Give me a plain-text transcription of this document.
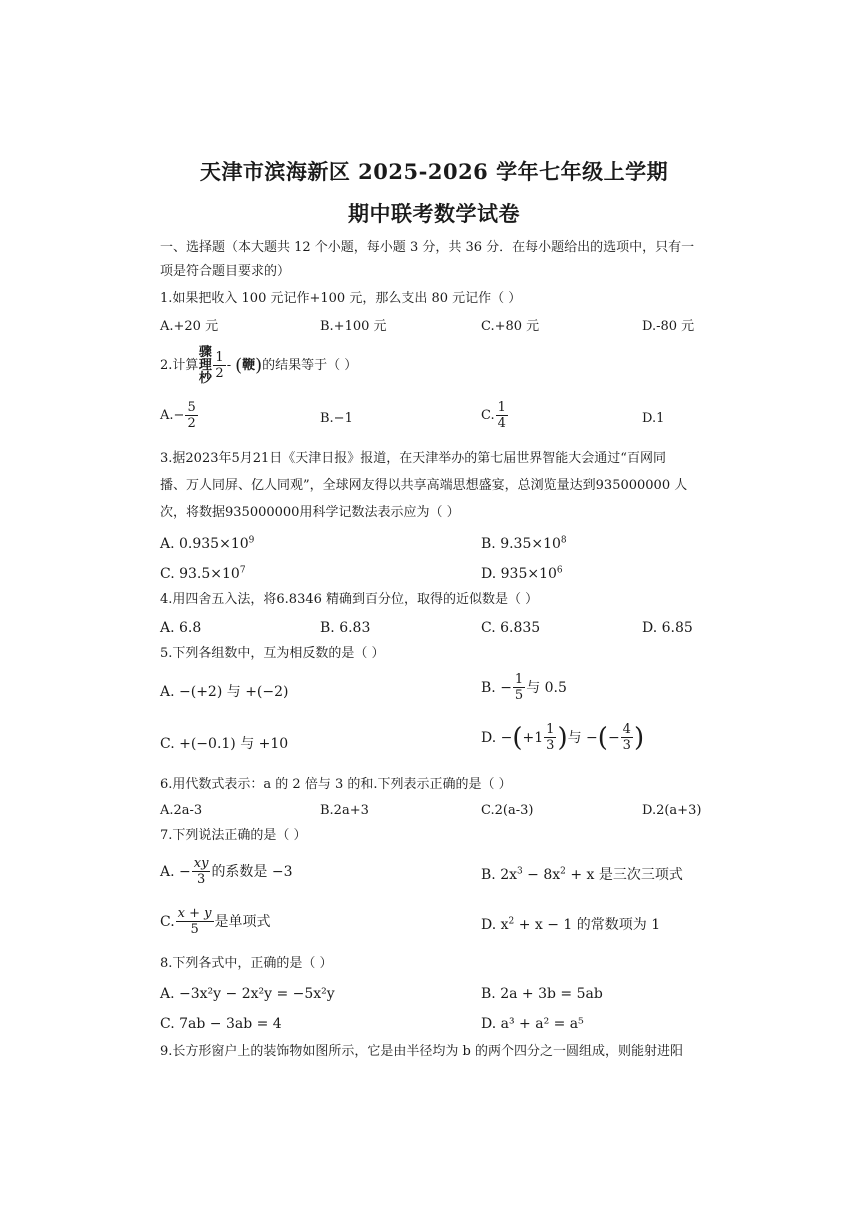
天津市滨海新区 2025-2026 学年七年级上学期
期中联考数学试卷
一、选择题（本大题共 12 个小题，每小题 3 分，共 36 分．在每小题给出的选项中，只有一
项是符合题目要求的）
1.如果把收入 100 元记作+100 元，那么支出 80 元记作（ ）
A.+20 元	B.+100 元	C.+80 元	D.-80 元
2.计算
骤理杪 $\frac{1}{2}$ - ( 鞭 ) 的结果等于（ ）
A. − $\frac{5}{2}$	B.−1	C. $\frac{1}{4}$	D.1
3.据2023年5月21日《天津日报》报道，在天津举办的第七届世界智能大会通过“百网同
播、万人同屏、亿人同观”，全球网友得以共享高端思想盛宴，总浏览量达到935000000 人
次，将数据935000000用科学记数法表示应为（ ）
A. $0.935\times 10^9$	B. $9.35\times 10^8$
C. $93.5\times 10^7$	D. $935\times 10^6$
4.用四舍五入法，将6.8346 精确到百分位，取得的近似数是（ ）
A. 6.8	B. 6.83	C. 6.835	D. 6.85
5.下列各组数中，互为相反数的是（ ）
A. −(+2) 与 +(−2)	B. − $\frac{1}{5}$ 与 0.5
C. +(−0.1) 与 +10	D. − ( $+1 \frac{1}{3}$ ) 与 − ( − $\frac{4}{3}$ )
6.用代数式表示：a 的 2 倍与 3 的和.下列表示正确的是（ ）
A.2a-3	B.2a+3	C.2(a-3)	D.2(a+3)
7.下列说法正确的是（ ）
A. − $\frac{xy}{3}$ 的系数是 −3	B. $2x^3 - 8x^2 + x$ 是三次三项式
C. $\frac{x + y}{5}$ 是单项式	D. $x^2 + x - 1$ 的常数项为 1
8.下列各式中，正确的是（ ）
A. −3x²y − 2x²y = −5x²y	B. 2a + 3b = 5ab
C. 7ab − 3ab = 4	D. a³ + a² = a⁵
9.长方形窗户上的装饰物如图所示，它是由半径均为 b 的两个四分之一圆组成，则能射进阳
